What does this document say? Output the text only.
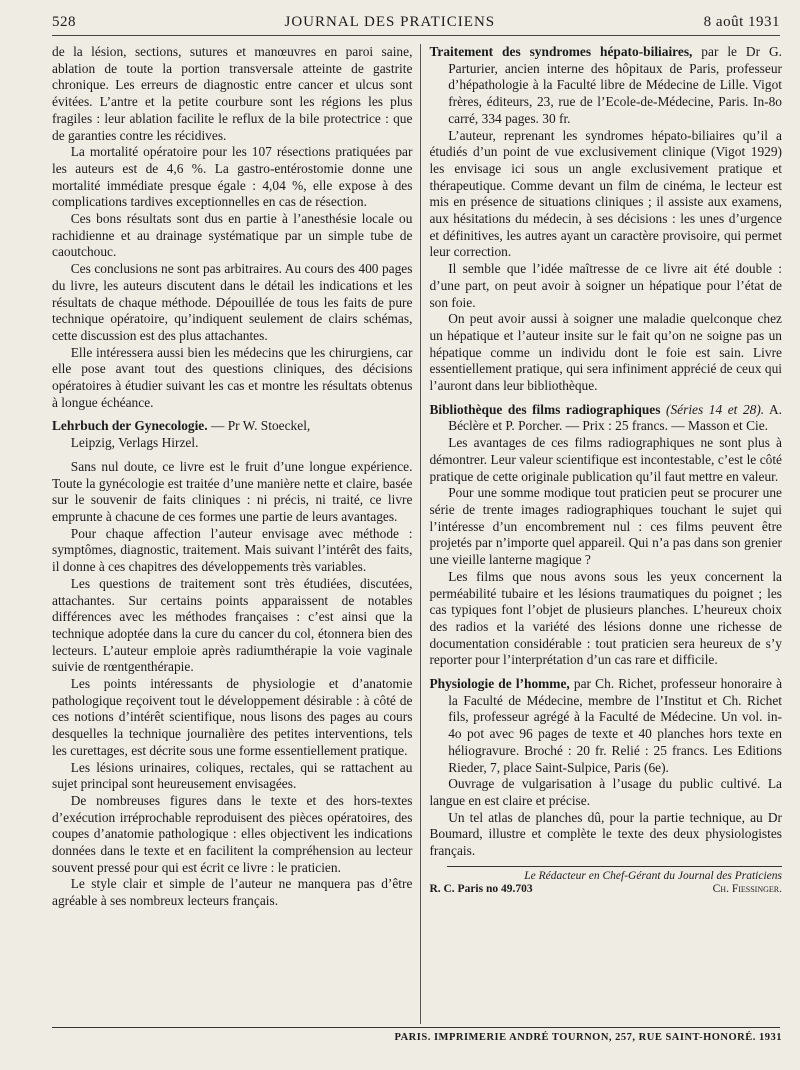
528	JOURNAL DES PRATICIENS	8 août 1931

de la lésion, sections, sutures et manœuvres en paroi saine, ablation de toute la portion transversale atteinte de gastrite chronique. Les erreurs de diagnostic entre cancer et ulcus sont évitées. L’antre et la petite courbure sont les régions les plus fragiles : leur ablation facilite le reflux de la bile protectrice : que de garanties contre les récidives.

La mortalité opératoire pour les 107 résections pratiquées par les auteurs est de 4,6 %. La gastro-entérostomie donne une mortalité immédiate presque égale : 4,04 %, elle expose à des complications tardives exceptionnelles en cas de résection.

Ces bons résultats sont dus en partie à l’anesthésie locale ou rachidienne et au drainage systématique par un simple tube de caoutchouc.

Ces conclusions ne sont pas arbitraires. Au cours des 400 pages du livre, les auteurs discutent dans le détail les indications et les résultats de chaque méthode. Dépouillée de tous les faits de pure technique opératoire, qu’indiquent seulement de clairs schémas, cette discussion est des plus attachantes.

Elle intéressera aussi bien les médecins que les chirurgiens, car elle pose avant tout des questions cliniques, des décisions opératoires à étudier suivant les cas et montre les résultats obtenus à longue échéance.

Lehrbuch der Gynecologie. — Pr W. Stoeckel,
Leipzig, Verlags Hirzel.

Sans nul doute, ce livre est le fruit d’une longue expérience. Toute la gynécologie est traitée d’une manière nette et claire, basée sur le souvenir de faits cliniques : ni précis, ni traité, ce livre emprunte à chacune de ces formes une partie de leurs avantages.

Pour chaque affection l’auteur envisage avec méthode : symptômes, diagnostic, traitement. Mais suivant l’intérêt des faits, il donne à ces chapitres des développements très variables.

Les questions de traitement sont très étudiées, discutées, attachantes. Sur certains points apparaissent de notables différences avec les méthodes françaises : c’est ainsi que la technique adoptée dans la cure du cancer du col, étonnera bien des lecteurs. L’auteur emploie après radiumthérapie la voie vaginale suivie de rœntgenthérapie.

Les points intéressants de physiologie et d’anatomie pathologique reçoivent tout le développement désirable : à côté de ces notions d’intérêt scientifique, nous lisons des pages au cours desquelles la technique journalière des petites interventions, tels les curettages, est décrite sous une forme essentiellement pratique.

Les lésions urinaires, coliques, rectales, qui se rattachent au sujet principal sont heureusement envisagées.

De nombreuses figures dans le texte et des hors-textes d’exécution irréprochable reproduisent des pièces opératoires, des coupes d’anatomie pathologique : elles objectivent les indications données dans le texte et en facilitent la compréhension au lecteur souvent pressé pour qui est écrit ce livre : le praticien.

Le style clair et simple de l’auteur ne manquera pas d’être agréable à ses nombreux lecteurs français.

Traitement des syndromes hépato-biliaires, par le Dr G. Parturier, ancien interne des hôpitaux de Paris, professeur d’hépathologie à la Faculté libre de Médecine de Lille. Vigot frères, éditeurs, 23, rue de l’Ecole-de-Médecine, Paris. In-8o carré, 334 pages. 30 fr.

L’auteur, reprenant les syndromes hépato-biliaires qu’il a étudiés d’un point de vue exclusivement clinique (Vigot 1929) les envisage ici sous un angle exclusivement pratique et thérapeutique. Comme devant un film de cinéma, le lecteur est mis en présence de situations cliniques ; il assiste aux examens, aux hésitations du médecin, à ses décisions : les unes d’urgence et définitives, les autres ayant un caractère provisoire, qui permet leur correction.

Il semble que l’idée maîtresse de ce livre ait été double : d’une part, on peut avoir à soigner un hépatique pour l’état de son foie.

On peut avoir aussi à soigner une maladie quelconque chez un hépatique et l’auteur insite sur le fait qu’on ne soigne pas un hépatique comme un individu dont le foie est sain. Livre essentiellement pratique, qui sera infiniment apprécié de ceux qui l’auront dans leur bibliothèque.

Bibliothèque des films radiographiques (Séries 14 et 28). A. Béclère et P. Porcher. — Prix : 25 francs. — Masson et Cie.

Les avantages de ces films radiographiques ne sont plus à démontrer. Leur valeur scientifique est incontestable, c’est le côté pratique de cette originale publication qu’il faut mettre en valeur.

Pour une somme modique tout praticien peut se procurer une série de trente images radiographiques touchant le sujet qui l’intéresse d’un encombrement nul : ces films peuvent être projetés par n’importe quel appareil. Qui n’a pas dans son grenier une vieille lanterne magique ?

Les films que nous avons sous les yeux concernent la perméabilité tubaire et les lésions traumatiques du poignet ; les cas typiques font l’objet de plusieurs planches. L’heureux choix des radios et la variété des lésions donne une richesse de documentation considérable : tout praticien sera heureux de s’y reporter pour l’interprétation d’un cas rare et difficile.

Physiologie de l’homme, par Ch. Richet, professeur honoraire à la Faculté de Médecine, membre de l’Institut et Ch. Richet fils, professeur agrégé à la Faculté de Médecine. Un vol. in-4o pot avec 96 pages de texte et 40 planches hors texte en héliogravure. Broché : 20 fr. Relié : 25 francs. Les Editions Rieder, 7, place Saint-Sulpice, Paris (6e).

Ouvrage de vulgarisation à l’usage du public cultivé. La langue en est claire et précise.

Un tel atlas de planches dû, pour la partie technique, au Dr Boumard, illustre et complète le texte des deux physiologistes français.

Le Rédacteur en Chef-Gérant du Journal des Praticiens
R. C. Paris no 49.703	Ch. Fiessinger.
PARIS. IMPRIMERIE ANDRÉ TOURNON, 257, RUE SAINT-HONORÉ. 1931
